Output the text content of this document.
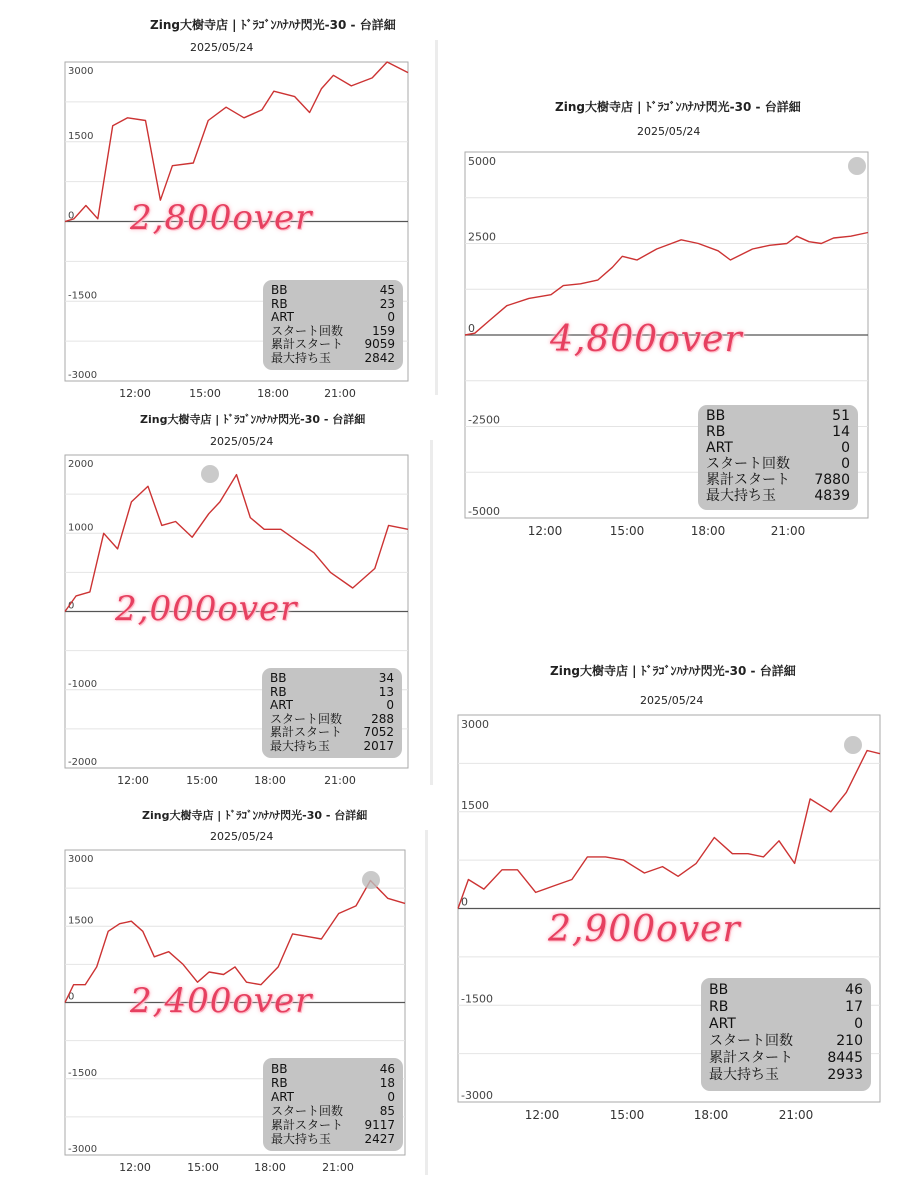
Zing大樹寺店 | ﾄﾞﾗｺﾞﾝﾊﾅﾊﾅ閃光-30 - 台詳細
2025/05/24
3000
1500
0
-1500
-3000
12:00	15:00	18:00	21:00
2,800over
BB	45
RB	23
ART	0
スタート回数 159
累計スタート 9059
最大持ち玉	2842
Zing大樹寺店 | ﾄﾞﾗｺﾞﾝﾊﾅﾊﾅ閃光-30 - 台詳細
2025/05/24
5000
2500
0
-2500
-5000
12:00	15:00	18:00	21:00
4,800over
BB	51
RB	14
ART	0
スタート回数	0
累計スタート 7880
最大持ち玉	4839
Zing大樹寺店 | ﾄﾞﾗｺﾞﾝﾊﾅﾊﾅ閃光-30 - 台詳細
2025/05/24
2000
1000
0
-1000
-2000
12:00	15:00	18:00	21:00
2,000over
BB	34
RB	13
ART	0
スタート回数 288
累計スタート 7052
最大持ち玉	2017
Zing大樹寺店 | ﾄﾞﾗｺﾞﾝﾊﾅﾊﾅ閃光-30 - 台詳細
2025/05/24
3000
1500
0
-1500
-3000
12:00	15:00	18:00	21:00
2,400over
BB	46
RB	18
ART	0
スタート回数	85
累計スタート 9117
最大持ち玉	2427
Zing大樹寺店 | ﾄﾞﾗｺﾞﾝﾊﾅﾊﾅ閃光-30 - 台詳細
2025/05/24
3000
1500
0
-1500
-3000
12:00	15:00	18:00	21:00
2,900over
BB	46
RB	17
ART	0
スタート回数	210
累計スタート 8445
最大持ち玉	2933
